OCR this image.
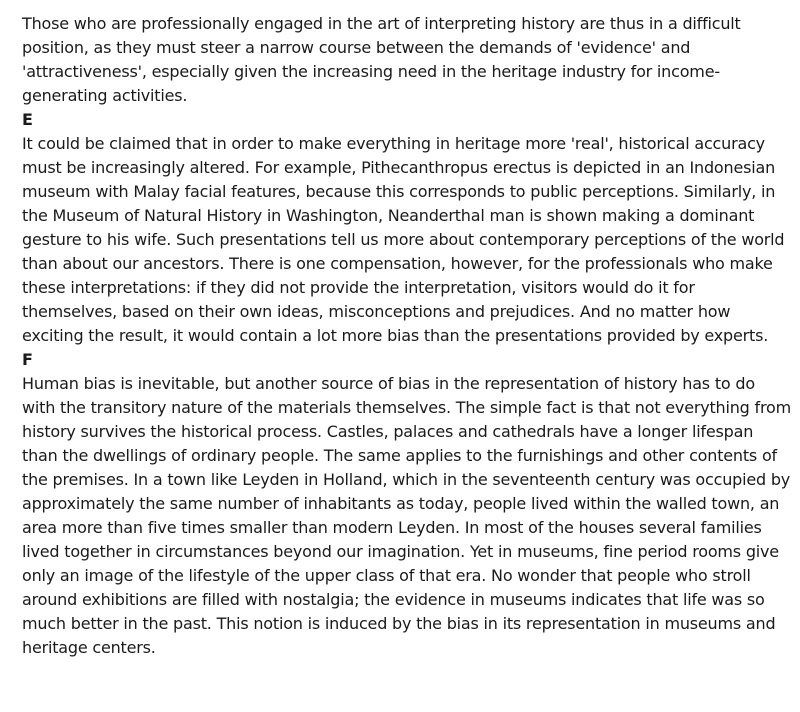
Those who are professionally engaged in the art of interpreting history are thus in a difficult position, as they must steer a narrow course between the demands of 'evidence' and 'attractiveness', especially given the increasing need in the heritage industry for income-generating activities.

E

It could be claimed that in order to make everything in heritage more 'real', historical accuracy must be increasingly altered. For example, Pithecanthropus erectus is depicted in an Indonesian museum with Malay facial features, because this corresponds to public perceptions. Similarly, in the Museum of Natural History in Washington, Neanderthal man is shown making a dominant gesture to his wife. Such presentations tell us more about contemporary perceptions of the world than about our ancestors. There is one compensation, however, for the professionals who make these interpretations: if they did not provide the interpretation, visitors would do it for themselves, based on their own ideas, misconceptions and prejudices. And no matter how exciting the result, it would contain a lot more bias than the presentations provided by experts.

F

Human bias is inevitable, but another source of bias in the representation of history has to do with the transitory nature of the materials themselves. The simple fact is that not everything from history survives the historical process. Castles, palaces and cathedrals have a longer lifespan than the dwellings of ordinary people. The same applies to the furnishings and other contents of the premises. In a town like Leyden in Holland, which in the seventeenth century was occupied by approximately the same number of inhabitants as today, people lived within the walled town, an area more than five times smaller than modern Leyden. In most of the houses several families lived together in circumstances beyond our imagination. Yet in museums, fine period rooms give only an image of the lifestyle of the upper class of that era. No wonder that people who stroll around exhibitions are filled with nostalgia; the evidence in museums indicates that life was so much better in the past. This notion is induced by the bias in its representation in museums and heritage centers.
